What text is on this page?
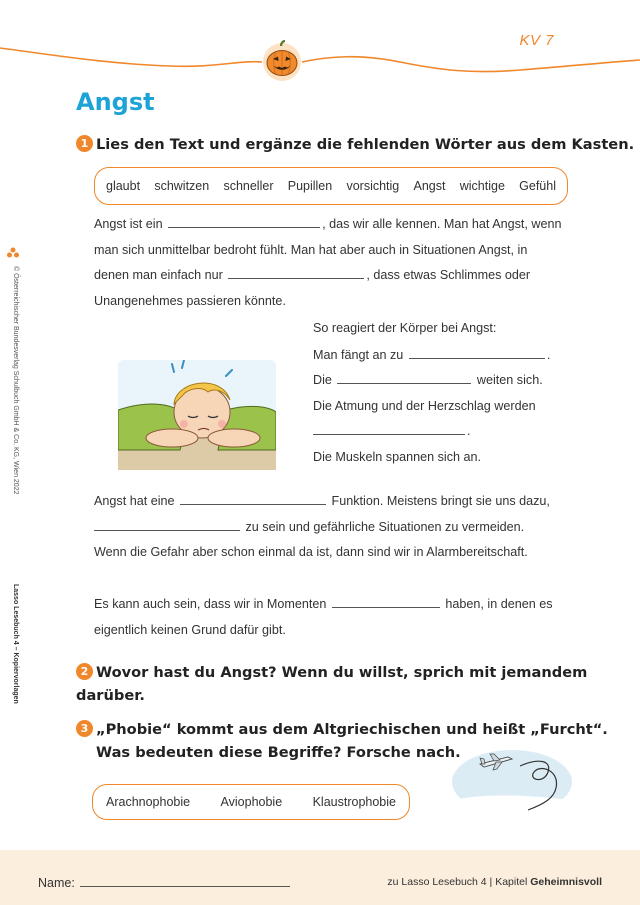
KV 7
Angst
1 Lies den Text und ergänze die fehlenden Wörter aus dem Kasten.
glaubt schwitzen schneller Pupillen vorsichtig Angst wichtige Gefühl
Angst ist ein	, das wir alle kennen. Man hat Angst, wenn
man sich unmittelbar bedroht fühlt. Man hat aber auch in Situationen Angst, in
denen man einfach nur	, dass etwas Schlimmes oder
Unangenehmes passieren könnte.
So reagiert der Körper bei Angst:
Man fängt an zu	.
Die	weiten sich.
Die Atmung und der Herzschlag werden
.
Die Muskeln spannen sich an.
Angst hat eine	Funktion. Meistens bringt sie uns dazu,
zu sein und gefährliche Situationen zu vermeiden.
Wenn die Gefahr aber schon einmal da ist, dann sind wir in Alarmbereitschaft.
Es kann auch sein, dass wir in Momenten	haben, in denen es
eigentlich keinen Grund dafür gibt.
2 Wovor hast du Angst? Wenn du willst, sprich mit jemandem darüber.
3 „Phobie“ kommt aus dem Altgriechischen und heißt „Furcht“.
Was bedeuten diese Begriffe? Forsche nach.
Arachnophobie Aviophobie Klaustrophobie
© Österreichischer Bundesverlag Schulbuch GmbH & Co. KG, Wien 2022
Lasso Lesebuch 4 – Kopiervorlagen
Name:	zu Lasso Lesebuch 4 | Kapitel Geheimnisvoll
